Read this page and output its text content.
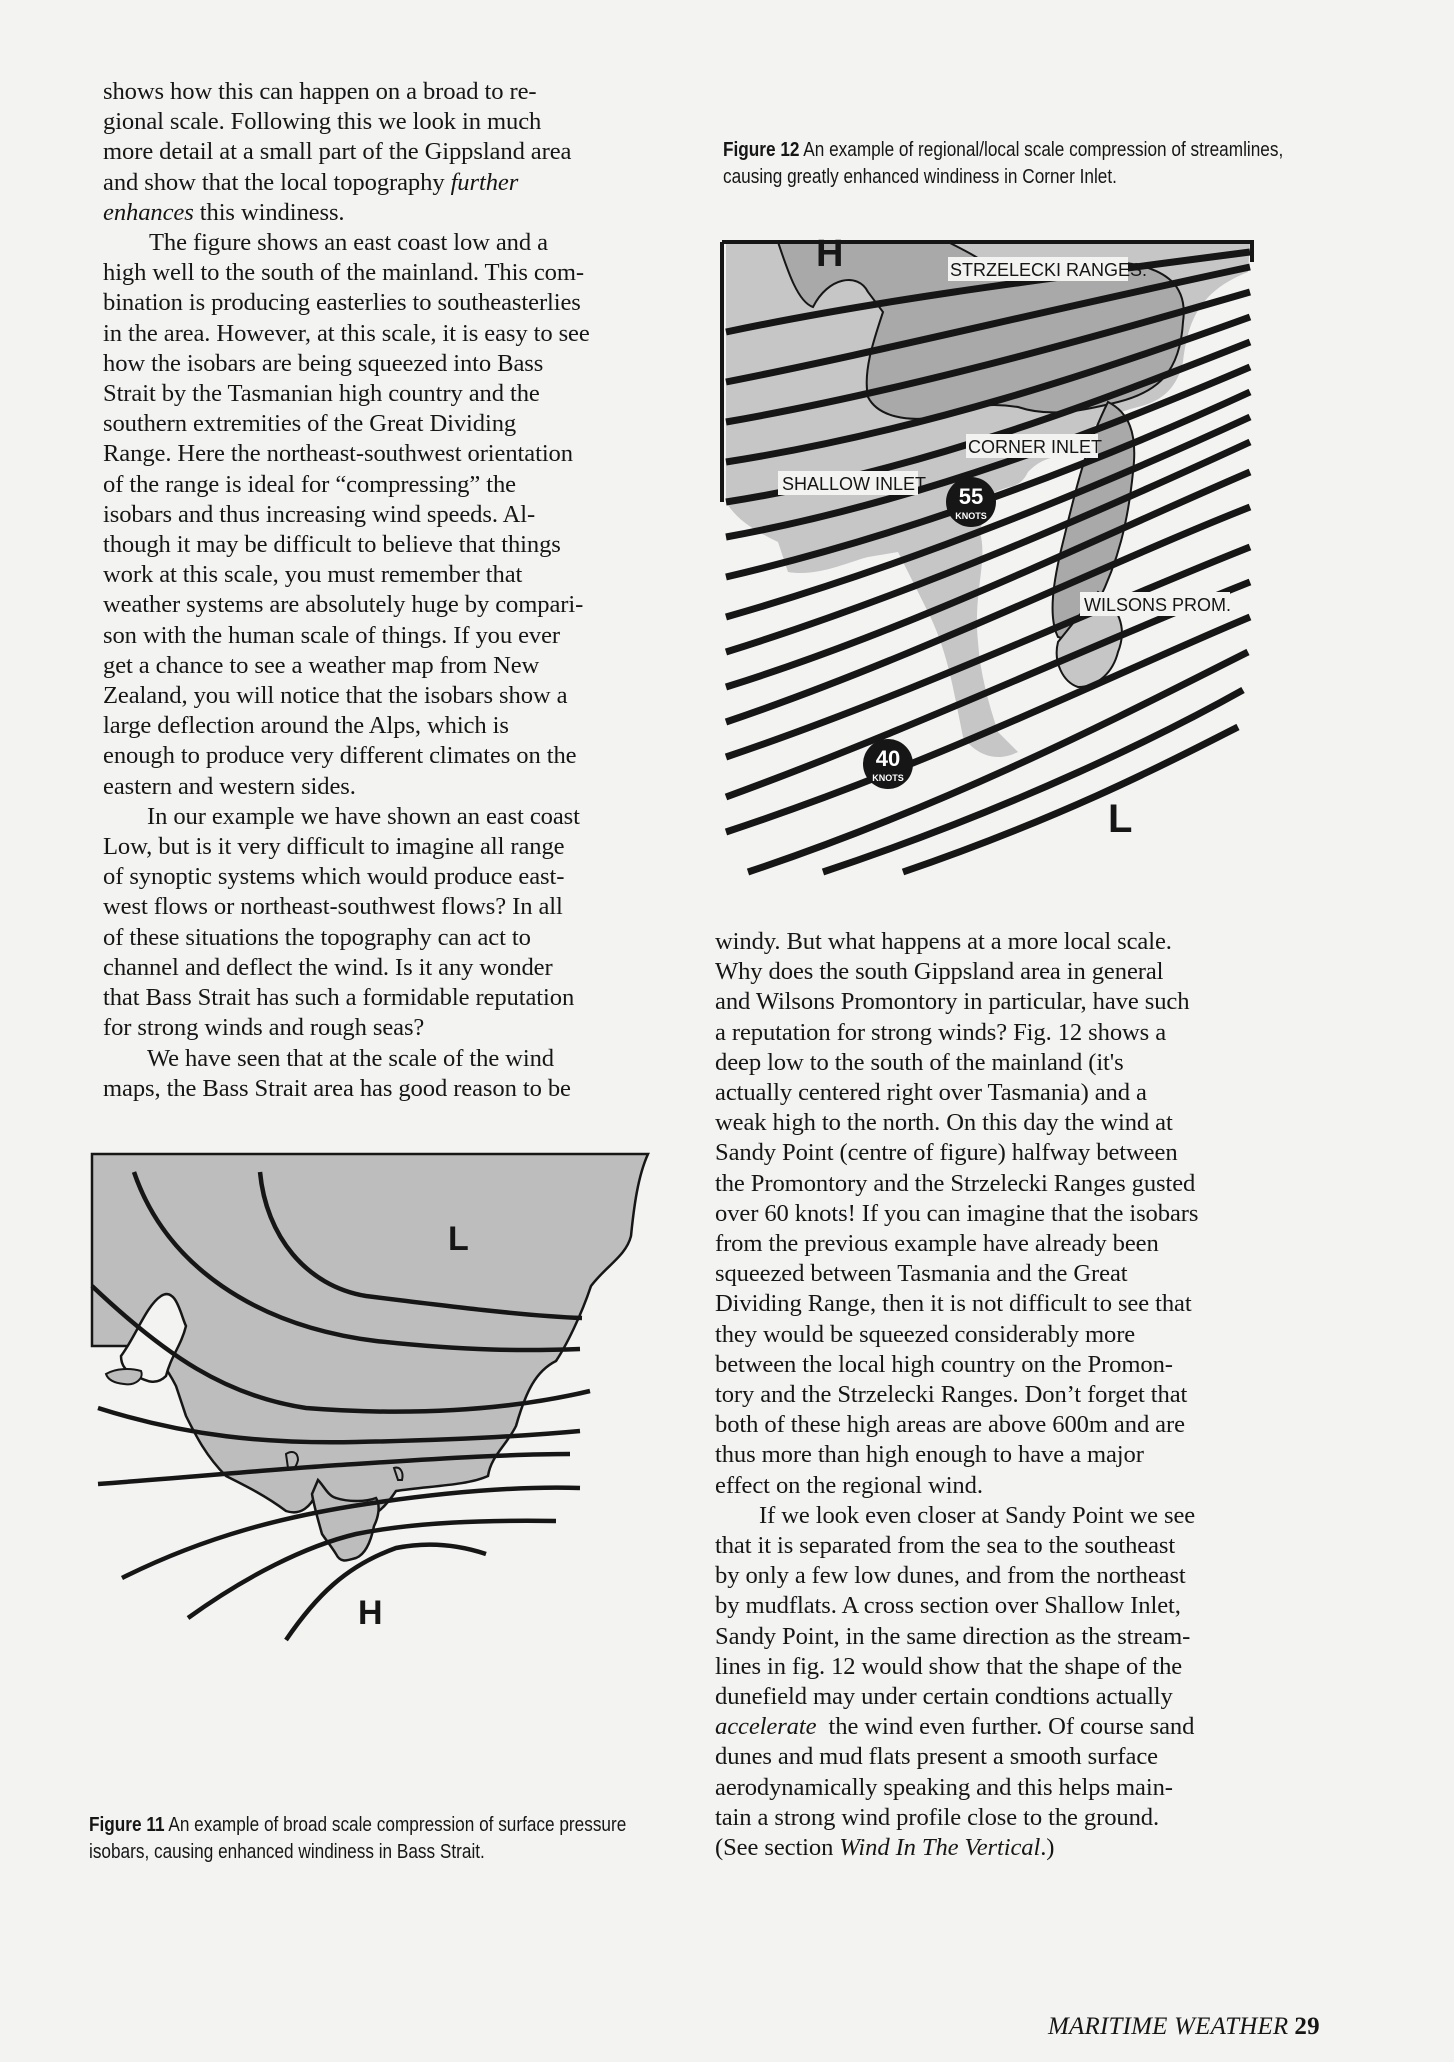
shows how this can happen on a broad to re-
gional scale. Following this we look in much
more detail at a small part of the Gippsland area
and show that the local topography further
enhances this windiness.

The figure shows an east coast low and a
high well to the south of the mainland. This com-
bination is producing easterlies to southeasterlies
in the area. However, at this scale, it is easy to see
how the isobars are being squeezed into Bass
Strait by the Tasmanian high country and the
southern extremities of the Great Dividing
Range. Here the northeast-southwest orientation
of the range is ideal for “compressing” the
isobars and thus increasing wind speeds. Al-
though it may be difficult to believe that things
work at this scale, you must remember that
weather systems are absolutely huge by compari-
son with the human scale of things. If you ever
get a chance to see a weather map from New
Zealand, you will notice that the isobars show a
large deflection around the Alps, which is
enough to produce very different climates on the
eastern and western sides.

In our example we have shown an east coast
Low, but is it very difficult to imagine all range
of synoptic systems which would produce east-
west flows or northeast-southwest flows? In all
of these situations the topography can act to
channel and deflect the wind. Is it any wonder
that Bass Strait has such a formidable reputation
for strong winds and rough seas?

We have seen that at the scale of the wind
maps, the Bass Strait area has good reason to be

Figure 12 An example of regional/local scale compression of streamlines, causing greatly enhanced windiness in Corner Inlet.
H	STRZELECKI RANGES.
CORNER INLET
SHALLOW INLET
WILSONS PROM.
L
55
KNOTS
40
KNOTS
L
H
Figure 11 An example of broad scale compression of surface pressure isobars, causing enhanced windiness in Bass Strait.

windy. But what happens at a more local scale.
Why does the south Gippsland area in general
and Wilsons Promontory in particular, have such
a reputation for strong winds? Fig. 12 shows a
deep low to the south of the mainland (it's
actually centered right over Tasmania) and a
weak high to the north. On this day the wind at
Sandy Point (centre of figure) halfway between
the Promontory and the Strzelecki Ranges gusted
over 60 knots! If you can imagine that the isobars
from the previous example have already been
squeezed between Tasmania and the Great
Dividing Range, then it is not difficult to see that
they would be squeezed considerably more
between the local high country on the Promon-
tory and the Strzelecki Ranges. Don’t forget that
both of these high areas are above 600m and are
thus more than high enough to have a major
effect on the regional wind.

If we look even closer at Sandy Point we see
that it is separated from the sea to the southeast
by only a few low dunes, and from the northeast
by mudflats. A cross section over Shallow Inlet,
Sandy Point, in the same direction as the stream-
lines in fig. 12 would show that the shape of the
dunefield may under certain condtions actually
accelerate  the wind even further. Of course sand
dunes and mud flats present a smooth surface
aerodynamically speaking and this helps main-
tain a strong wind profile close to the ground.
(See section Wind In The Vertical.)

MARITIME WEATHER 29
